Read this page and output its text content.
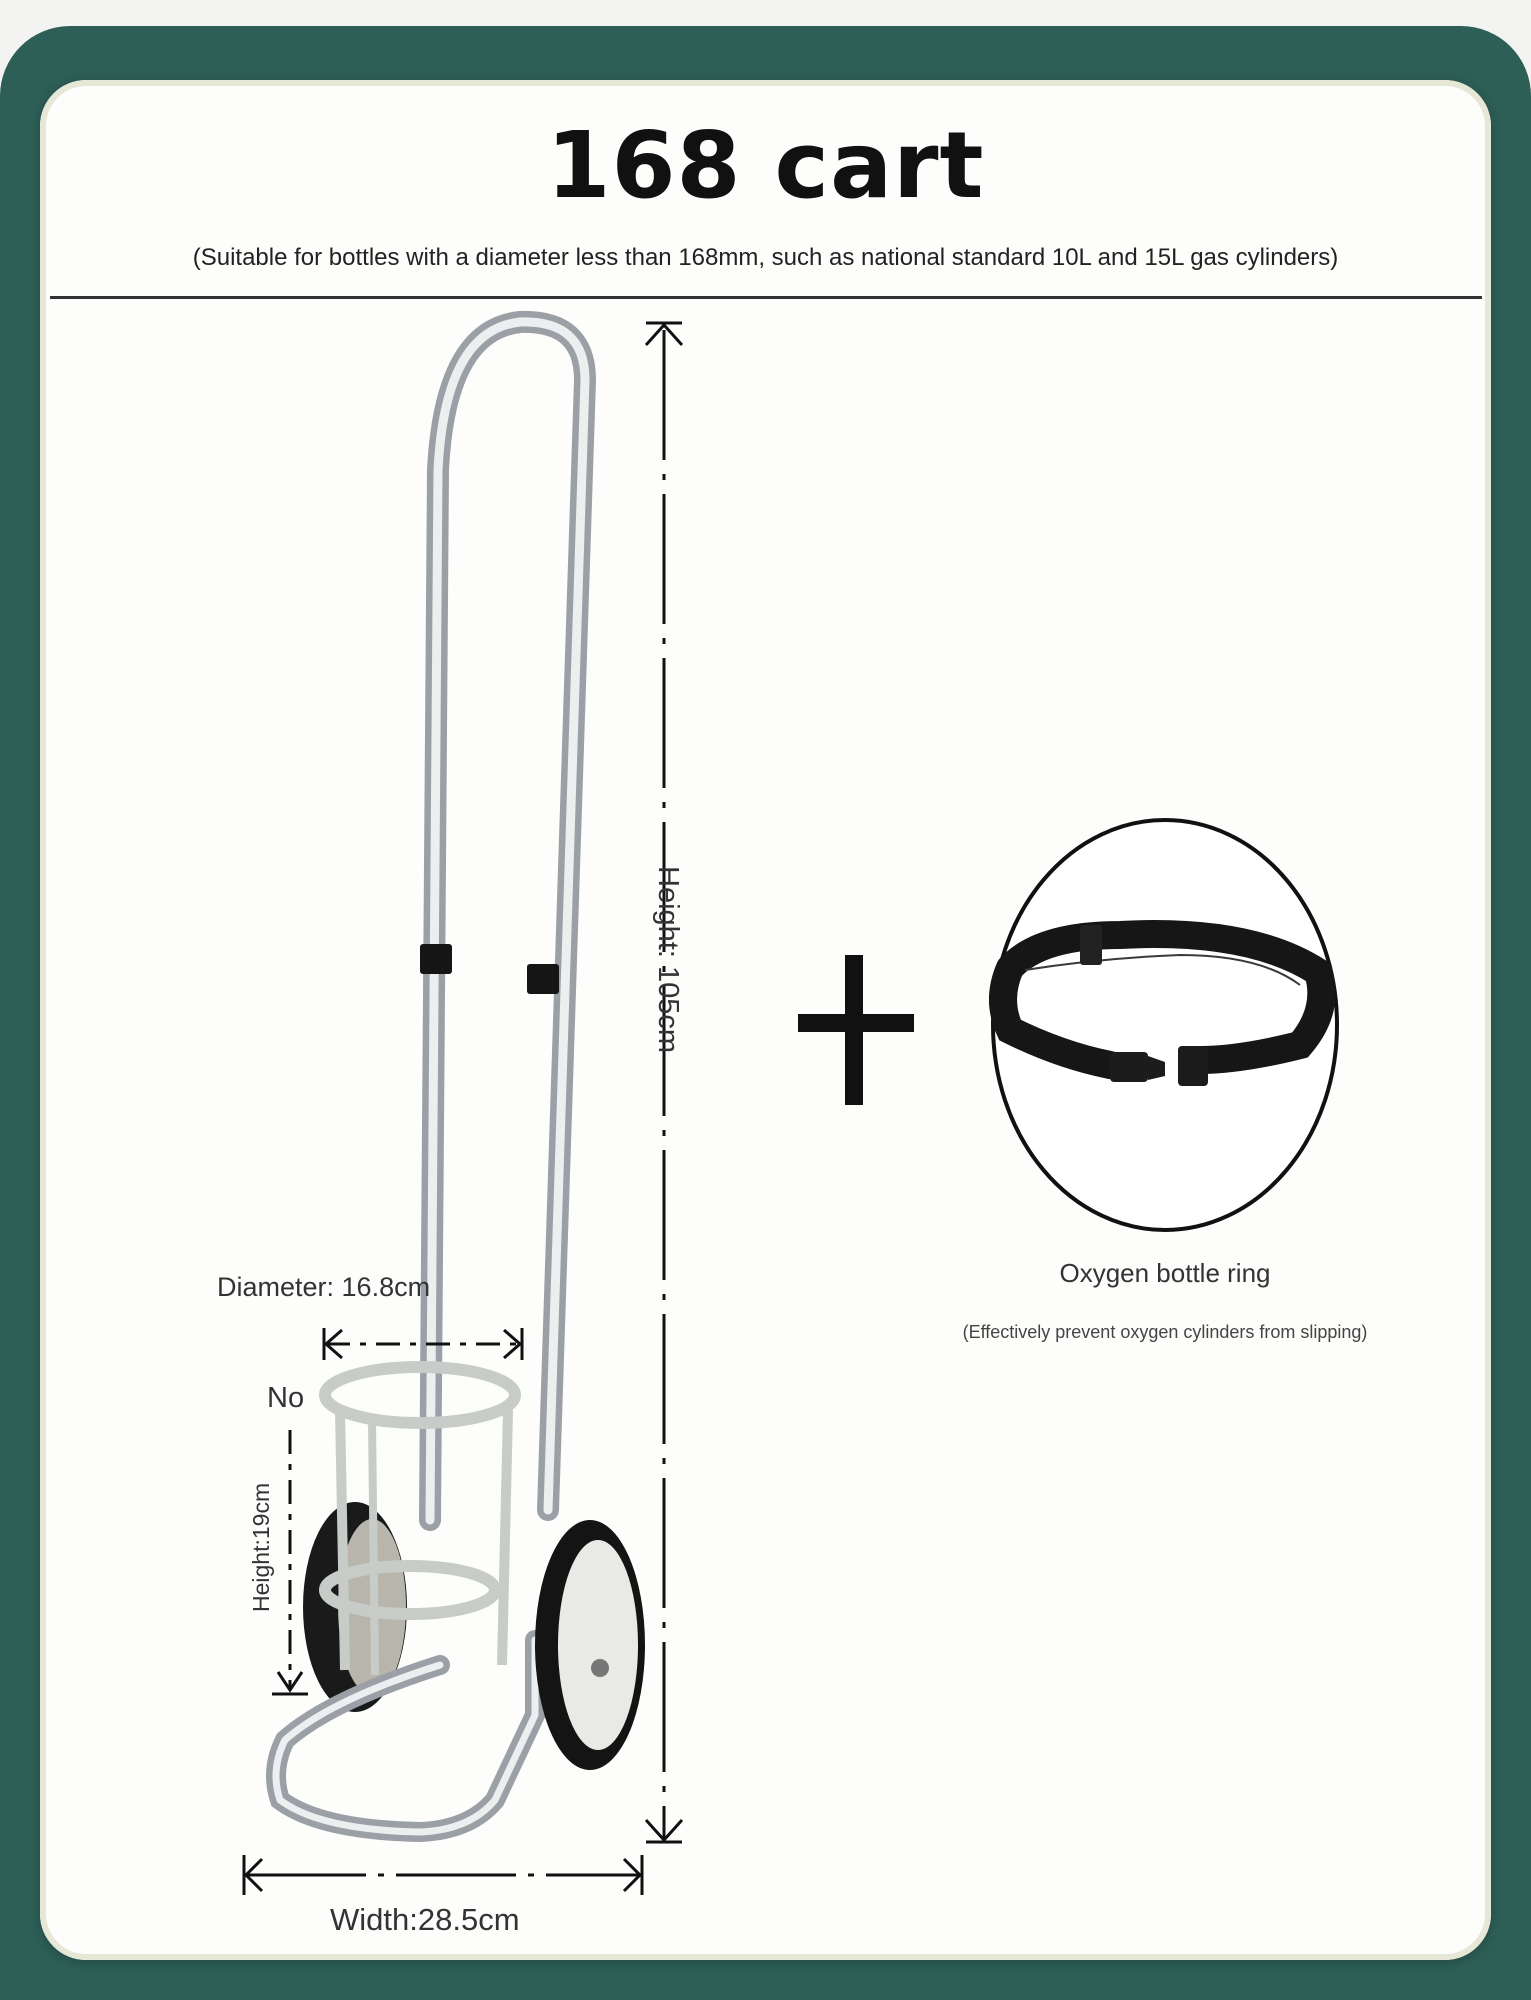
168 cart
(Suitable for bottles with a diameter less than 168mm, such as national standard 10L and 15L gas cylinders)
Height: 105cm
Diameter: 16.8cm
No
Height:19cm
Width:28.5cm
Oxygen bottle ring
(Effectively prevent oxygen cylinders from slipping)
